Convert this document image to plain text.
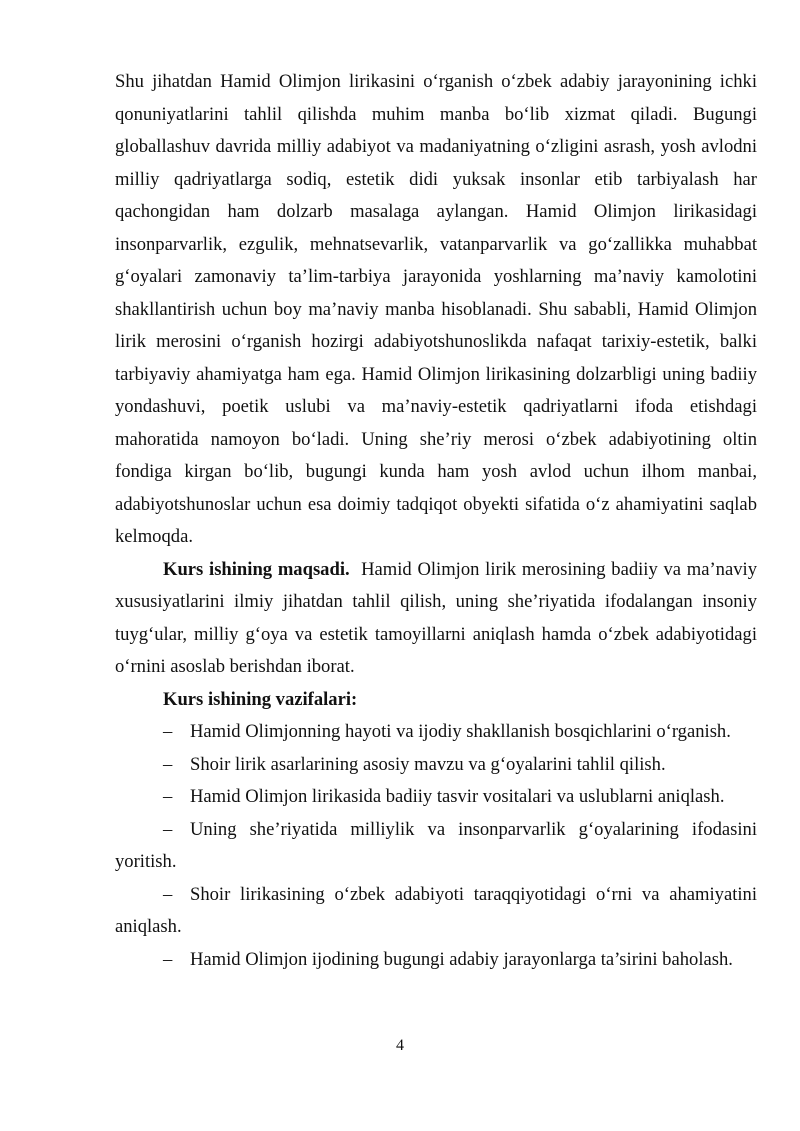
Shu jihatdan Hamid Olimjon lirikasini o‘rganish o‘zbek adabiy jarayonining ichki qonuniyatlarini tahlil qilishda muhim manba bo‘lib xizmat qiladi. Bugungi globallashuv davrida milliy adabiyot va madaniyatning o‘zligini asrash, yosh avlodni milliy qadriyatlarga sodiq, estetik didi yuksak insonlar etib tarbiyalash har qachongidan ham dolzarb masalaga aylangan. Hamid Olimjon lirikasidagi insonparvarlik, ezgulik, mehnatsevarlik, vatanparvarlik va go‘zallikka muhabbat g‘oyalari zamonaviy ta’lim-tarbiya jarayonida yoshlarning ma’naviy kamolotini shakllantirish uchun boy ma’naviy manba hisoblanadi. Shu sababli, Hamid Olimjon lirik merosini o‘rganish hozirgi adabiyotshunoslikda nafaqat tarixiy-estetik, balki tarbiyaviy ahamiyatga ham ega. Hamid Olimjon lirikasining dolzarbligi uning badiiy yondashuvi, poetik uslubi va ma’naviy-estetik qadriyatlarni ifoda etishdagi mahoratida namoyon bo‘ladi. Uning she’riy merosi o‘zbek adabiyotining oltin fondiga kirgan bo‘lib, bugungi kunda ham yosh avlod uchun ilhom manbai, adabiyotshunoslar uchun esa doimiy tadqiqot obyekti sifatida o‘z ahamiyatini saqlab kelmoqda.

Kurs ishining maqsadi. Hamid Olimjon lirik merosining badiiy va ma’naviy xususiyatlarini ilmiy jihatdan tahlil qilish, uning she’riyatida ifodalangan insoniy tuyg‘ular, milliy g‘oya va estetik tamoyillarni aniqlash hamda o‘zbek adabiyotidagi o‘rnini asoslab berishdan iborat.

Kurs ishining vazifalari:

– Hamid Olimjonning hayoti va ijodiy shakllanish bosqichlarini o‘rganish.

– Shoir lirik asarlarining asosiy mavzu va g‘oyalarini tahlil qilish.

– Hamid Olimjon lirikasida badiiy tasvir vositalari va uslublarni aniqlash.

– Uning she’riyatida milliylik va insonparvarlik g‘oyalarining ifodasini yoritish.

– Shoir lirikasining o‘zbek adabiyoti taraqqiyotidagi o‘rni va ahamiyatini aniqlash.

– Hamid Olimjon ijodining bugungi adabiy jarayonlarga ta’sirini baholash.

4
